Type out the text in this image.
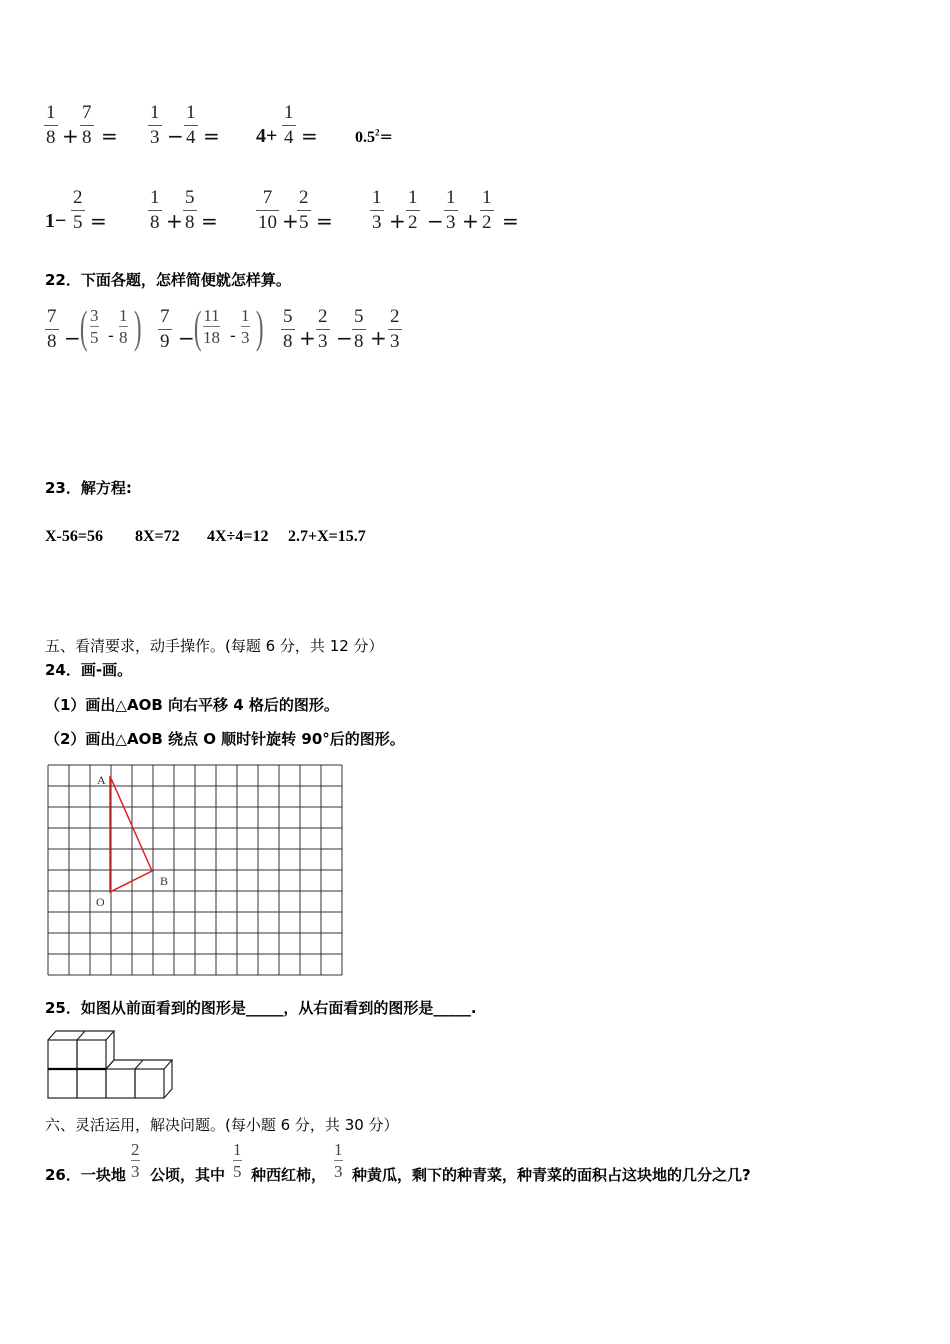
1
8 +
7
8 =
1
3 −
1
4 = 4+
1
$4 = 0.5^2=$
1−
2
5 =
1
8 +
5
8 =
7
10 +
2
5 =
1
3 +
1
2 −
1
3 +
1
2 =
22．下面各题，怎样简便就怎样算。
7
8 − ( 3
5 -
1
8 ) 7
9 − ( 11
18 -
1
3 ) 5
8 +
2
3 −
5
8 +
2
3
23．解方程:
X-56=56 8X=72 4X÷4=12 2.7+X=15.7
五、看清要求，动手操作。(每题 6 分，共 12 分）
24．画-画。
（1）画出△AOB 向右平移 4 格后的图形。
（2）画出△AOB 绕点 O 顺时针旋转 90°后的图形。
A
B
O
25．如图从前面看到的图形是_____，从右面看到的图形是_____.
六、灵活运用，解决问题。(每小题 6 分，共 30 分）
26．一块地
2
3 公顷，其中
1
5 种西红柿，
1
3 种黄瓜，剩下的种青菜，种青菜的面积占这块地的几分之几?
